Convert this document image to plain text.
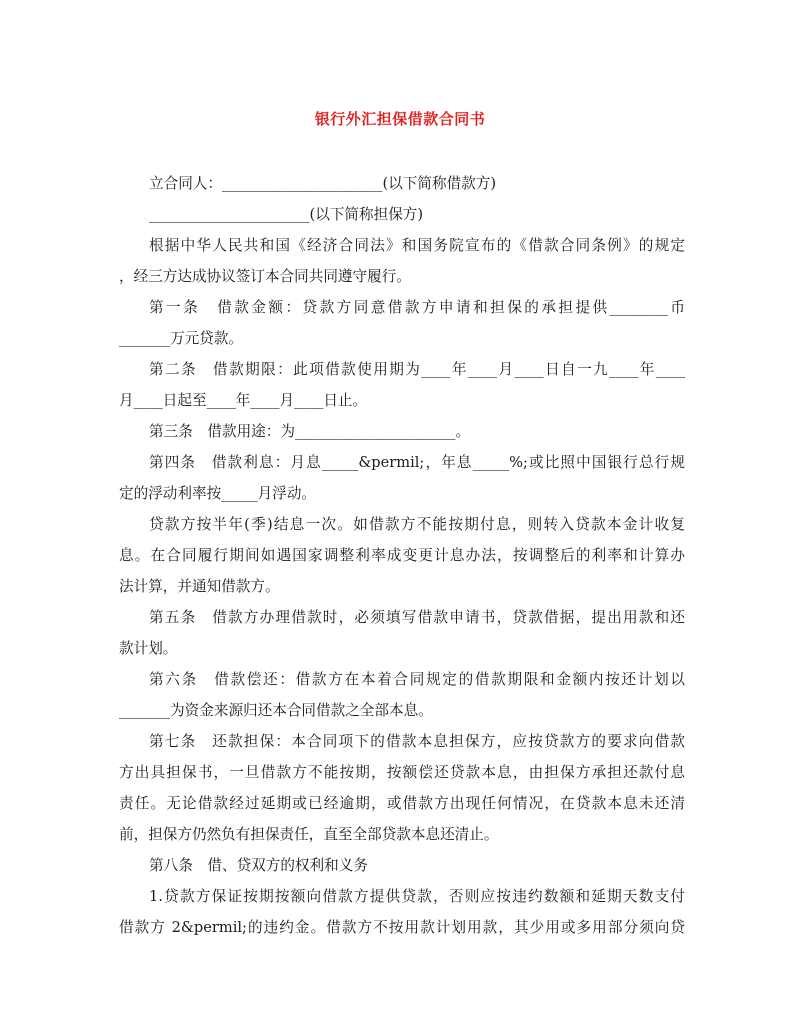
银行外汇担保借款合同书

立合同人：______________________(以下简称借款方)

______________________(以下简称担保方)

根据中华人民共和国《经济合同法》和国务院宣布的《借款合同条例》的规定

，经三方达成协议签订本合同共同遵守履行。

第一条　借款金额：贷款方同意借款方申请和担保的承担提供________币

_______万元贷款。

第二条　借款期限：此项借款使用期为____年____月____日自一九____年____

月____日起至____年____月____日止。

第三条　借款用途：为______________________。

第四条　借款利息：月息_____&permil;，年息_____%;或比照中国银行总行规

定的浮动利率按_____月浮动。

贷款方按半年(季)结息一次。如借款方不能按期付息，则转入贷款本金计收复

息。在合同履行期间如遇国家调整利率成变更计息办法，按调整后的利率和计算办

法计算，并通知借款方。

第五条　借款方办理借款时，必须填写借款申请书，贷款借据，提出用款和还

款计划。

第六条　借款偿还：借款方在本着合同规定的借款期限和金额内按还计划以

_______为资金来源归还本合同借款之全部本息。

第七条　还款担保：本合同项下的借款本息担保方，应按贷款方的要求向借款

方出具担保书，一旦借款方不能按期，按额偿还贷款本息，由担保方承担还款付息

责任。无论借款经过延期或已经逾期，或借款方出现任何情况，在贷款本息未还清

前，担保方仍然负有担保责任，直至全部贷款本息还清止。

第八条　借、贷双方的权利和义务

1.贷款方保证按期按额向借款方提供贷款，否则应按违约数额和延期天数支付

借款方 2&permil;的违约金。借款方不按用款计划用款，其少用或多用部分须向贷
